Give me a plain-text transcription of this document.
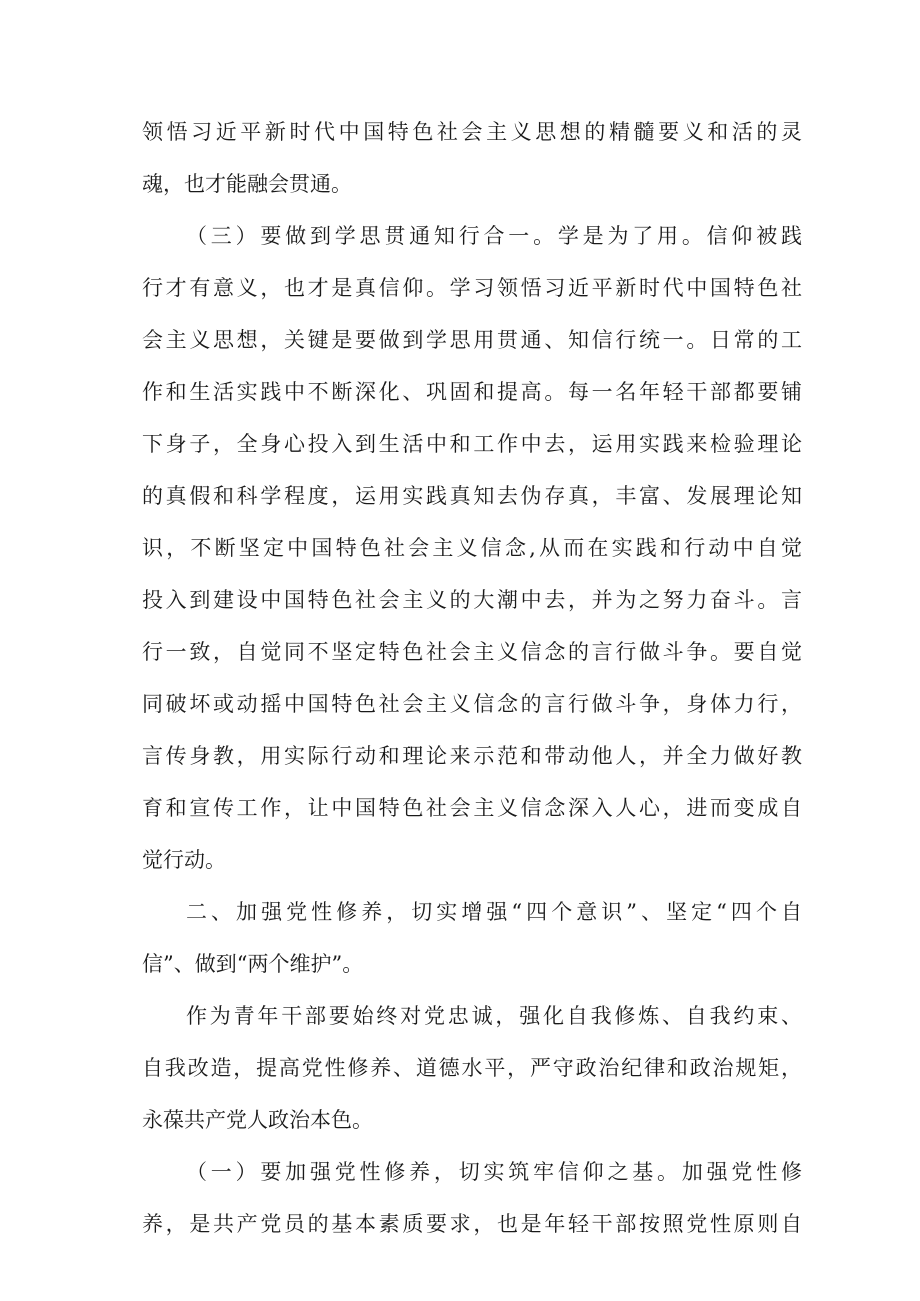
领悟习近平新时代中国特色社会主义思想的精髓要义和活的灵

魂，也才能融会贯通。

（三）要做到学思贯通知行合一。学是为了用。信仰被践

行才有意义，也才是真信仰。学习领悟习近平新时代中国特色社

会主义思想，关键是要做到学思用贯通、知信行统一。日常的工

作和生活实践中不断深化、巩固和提高。每一名年轻干部都要铺

下身子，全身心投入到生活中和工作中去，运用实践来检验理论

的真假和科学程度，运用实践真知去伪存真，丰富、发展理论知

识，不断坚定中国特色社会主义信念,从而在实践和行动中自觉

投入到建设中国特色社会主义的大潮中去，并为之努力奋斗。言

行一致，自觉同不坚定特色社会主义信念的言行做斗争。要自觉

同破坏或动摇中国特色社会主义信念的言行做斗争，身体力行，

言传身教，用实际行动和理论来示范和带动他人，并全力做好教

育和宣传工作，让中国特色社会主义信念深入人心，进而变成自

觉行动。

二、加强党性修养，切实增强“四个意识”、坚定“四个自

信”、做到“两个维护”。

作为青年干部要始终对党忠诚，强化自我修炼、自我约束、

自我改造，提高党性修养、道德水平，严守政治纪律和政治规矩，

永葆共产党人政治本色。

（一）要加强党性修养，切实筑牢信仰之基。加强党性修

养，是共产党员的基本素质要求，也是年轻干部按照党性原则自
